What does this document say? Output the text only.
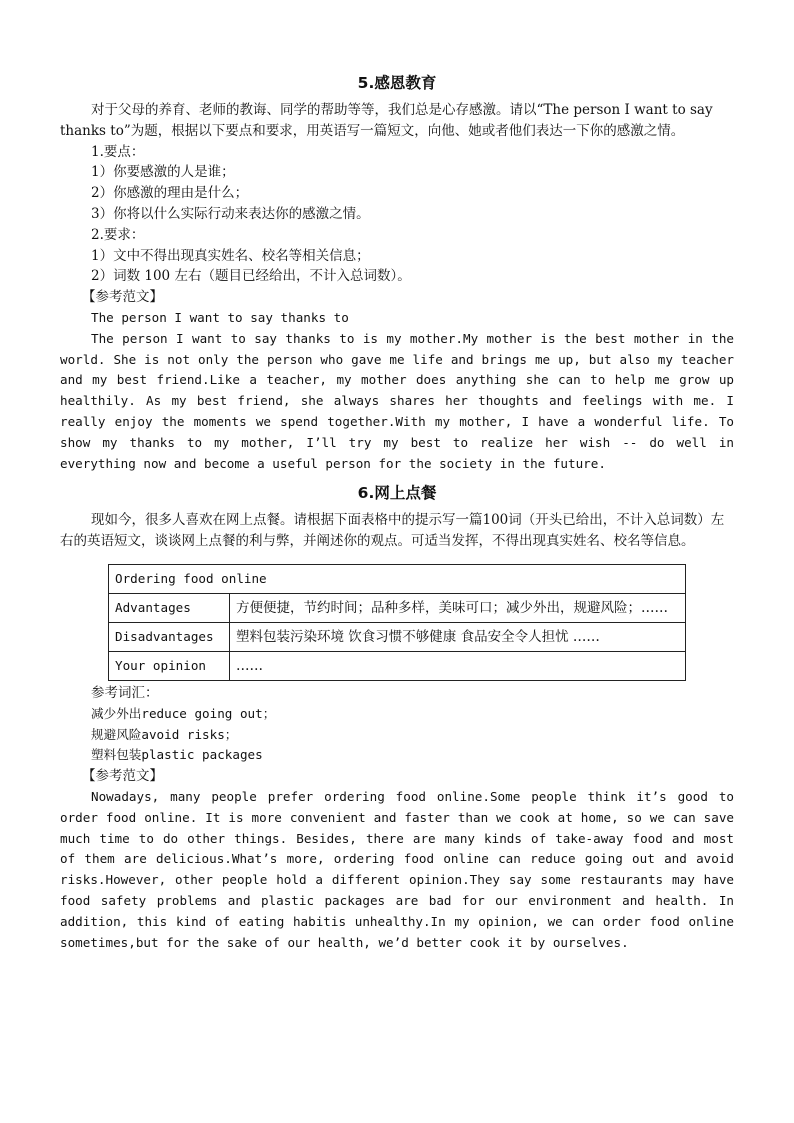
5.感恩教育

对于父母的养育、老师的教诲、同学的帮助等等，我们总是心存感激。请以“The person I want to say thanks to”为题，根据以下要点和要求，用英语写一篇短文，向他、她或者他们表达一下你的感激之情。

1.要点：

1）你要感激的人是谁；

2）你感激的理由是什么；

3）你将以什么实际行动来表达你的感激之情。

2.要求：

1）文中不得出现真实姓名、校名等相关信息；

2）词数 100 左右（题目已经给出，不计入总词数）。

【参考范文】

The person I want to say thanks to

The person I want to say thanks to is my mother.My mother is the best mother in the world. She is not only the person who gave me life and brings me up, but also my teacher and my best friend.Like a teacher, my mother does anything she can to help me grow up healthily. As my best friend, she always shares her thoughts and feelings with me. I really enjoy the moments we spend together.With my mother, I have a wonderful life. To show my thanks to my mother, I’ll try my best to realize her wish -- do well in everything now and become a useful person for the society in the future.

6.网上点餐

现如今，很多人喜欢在网上点餐。请根据下面表格中的提示写一篇100词（开头已给出，不计入总词数）左右的英语短文，谈谈网上点餐的利与弊，并阐述你的观点。可适当发挥，不得出现真实姓名、校名等信息。

Ordering food online	
Advantages	方便便捷，节约时间；品种多样，美味可口；减少外出，规避风险；……
Disadvantages	塑料包装污染环境 饮食习惯不够健康 食品安全令人担忧 ……
Your opinion	……

参考词汇：

减少外出reduce going out；

规避风险avoid risks；

塑料包装plastic packages

【参考范文】

Nowadays, many people prefer ordering food online.Some people think it’s good to order food online. It is more convenient and faster than we cook at home, so we can save much time to do other things. Besides, there are many kinds of take-away food and most of them are delicious.What’s more, ordering food online can reduce going out and avoid risks.However, other people hold a different opinion.They say some restaurants may have food safety problems and plastic packages are bad for our environment and health. In addition, this kind of eating habitis unhealthy.In my opinion, we can order food online sometimes,but for the sake of our health, we’d better cook it by ourselves.
